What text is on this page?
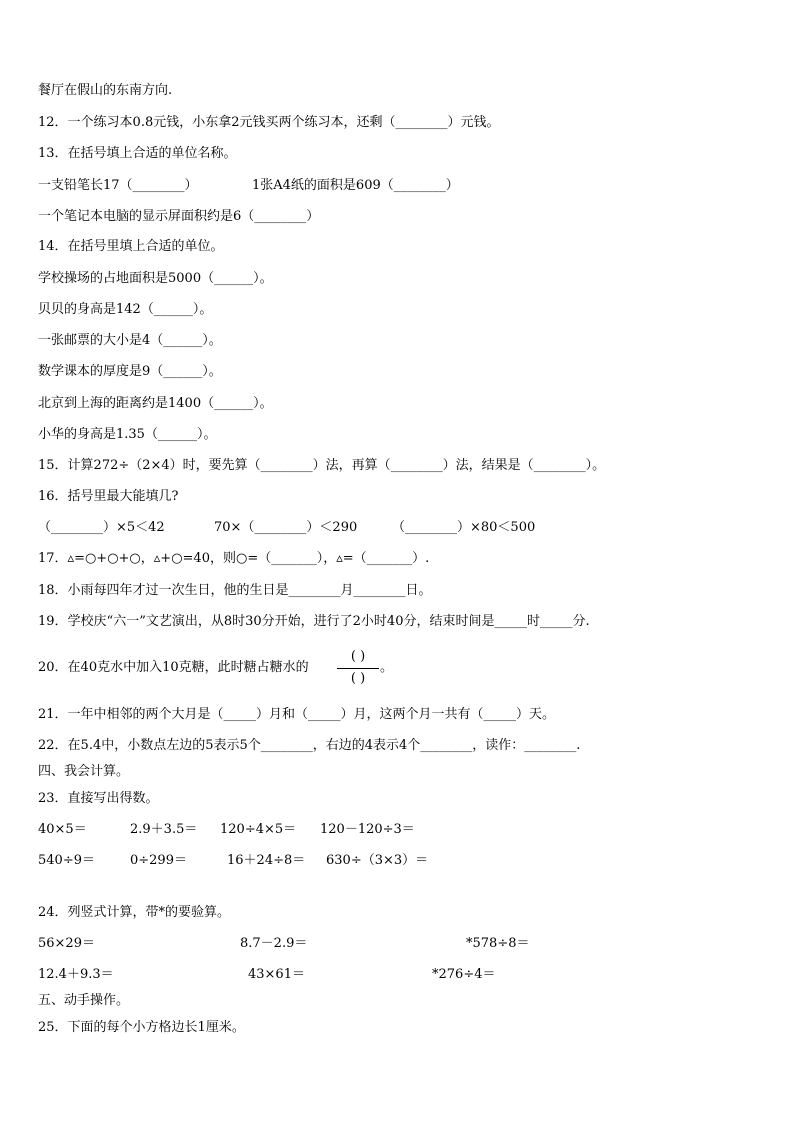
餐厅在假山的东南方向.
12．一个练习本0.8元钱，小东拿2元钱买两个练习本，还剩（________）元钱。
13．在括号填上合适的单位名称。
一支铅笔长17（________）	1张A4纸的面积是609（________）
一个笔记本电脑的显示屏面积约是6（________）
14．在括号里填上合适的单位。
学校操场的占地面积是5000（______）。
贝贝的身高是142（______）。
一张邮票的大小是4（______）。
数学课本的厚度是9（______）。
北京到上海的距离约是1400（______）。
小华的身高是1.35（______）。
15．计算272÷（2×4）时，要先算（________）法，再算（________）法，结果是（________）。
16．括号里最大能填几?
（________）×5＜42	70×（________）＜290	（________）×80＜500
17．▵=○+○+○，▵+○=40，则○=（_______），▵=（_______）.
18．小雨每四年才过一次生日，他的生日是________月________日。
19．学校庆“六一”文艺演出，从8时30分开始，进行了2小时40分，结束时间是_____时_____分.
20．在40克水中加入10克糖，此时糖占糖水的
( )
( )
。
21．一年中相邻的两个大月是（_____）月和（_____）月，这两个月一共有（_____）天。
22．在5.4中，小数点左边的5表示5个________，右边的4表示4个________，读作：________.
四、我会计算。
23．直接写出得数。
40×5＝	2.9＋3.5＝ 120÷4×5＝ 120－120÷3＝
540÷9＝	0÷299＝	16＋24÷8＝ 630÷（3×3）＝
24．列竖式计算，带*的要验算。
56×29＝	8.7－2.9＝	*578÷8＝
12.4＋9.3＝	43×61＝	*276÷4＝
五、动手操作。
25．下面的每个小方格边长1厘米。
